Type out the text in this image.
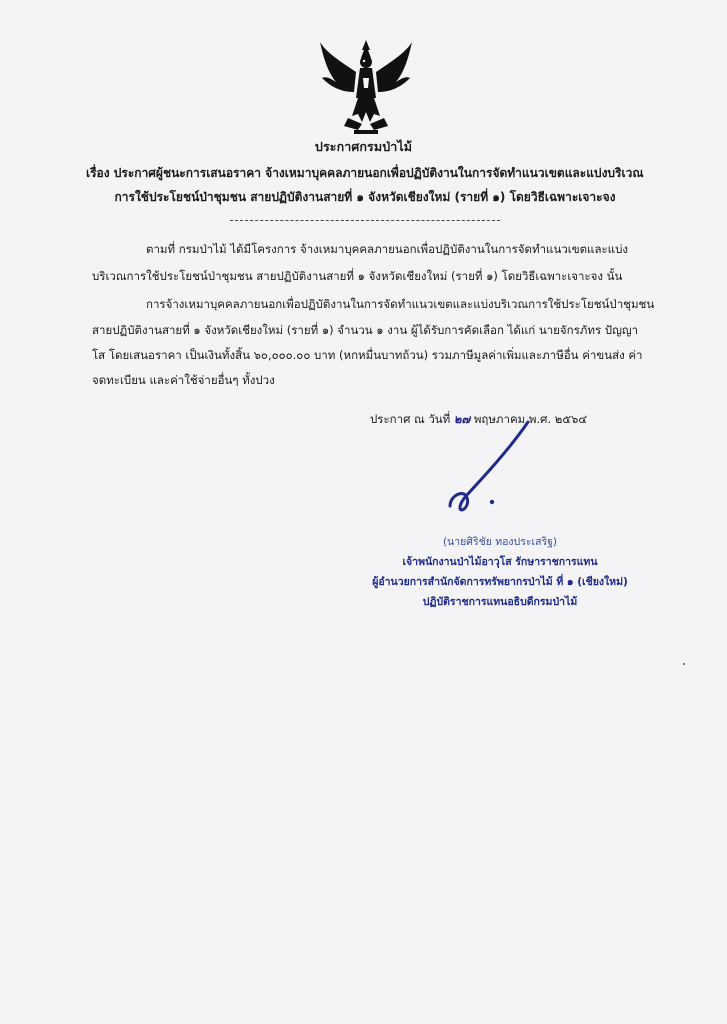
ประกาศกรมป่าไม้
เรื่อง ประกาศผู้ชนะการเสนอราคา จ้างเหมาบุคคลภายนอกเพื่อปฏิบัติงานในการจัดทำแนวเขตและแบ่งบริเวณ
การใช้ประโยชน์ป่าชุมชน สายปฏิบัติงานสายที่ ๑ จังหวัดเชียงใหม่ (รายที่ ๑) โดยวิธีเฉพาะเจาะจง
ตามที่ กรมป่าไม้ ได้มีโครงการ จ้างเหมาบุคคลภายนอกเพื่อปฏิบัติงานในการจัดทำแนวเขตและแบ่ง
บริเวณการใช้ประโยชน์ป่าชุมชน สายปฏิบัติงานสายที่ ๑ จังหวัดเชียงใหม่ (รายที่ ๑) โดยวิธีเฉพาะเจาะจง นั้น
การจ้างเหมาบุคคลภายนอกเพื่อปฏิบัติงานในการจัดทำแนวเขตและแบ่งบริเวณการใช้ประโยชน์ป่าชุมชน
สายปฏิบัติงานสายที่ ๑ จังหวัดเชียงใหม่ (รายที่ ๑) จำนวน ๑ งาน ผู้ได้รับการคัดเลือก ได้แก่ นายจักรภัทร ปัญญา
โส โดยเสนอราคา เป็นเงินทั้งสิ้น ๖๐,๐๐๐.๐๐ บาท (หกหมื่นบาทถ้วน) รวมภาษีมูลค่าเพิ่มและภาษีอื่น ค่าขนส่ง ค่า
จดทะเบียน และค่าใช้จ่ายอื่นๆ ทั้งปวง
ประกาศ ณ วันที่ ๒๗ พฤษภาคม พ.ศ. ๒๕๖๔
(นายศิริชัย ทองประเสริฐ)
เจ้าพนักงานป่าไม้อาวุโส รักษาราชการแทน
ผู้อำนวยการสำนักจัดการทรัพยากรป่าไม้ ที่ ๑ (เชียงใหม่)
ปฏิบัติราชการแทนอธิบดีกรมป่าไม้
